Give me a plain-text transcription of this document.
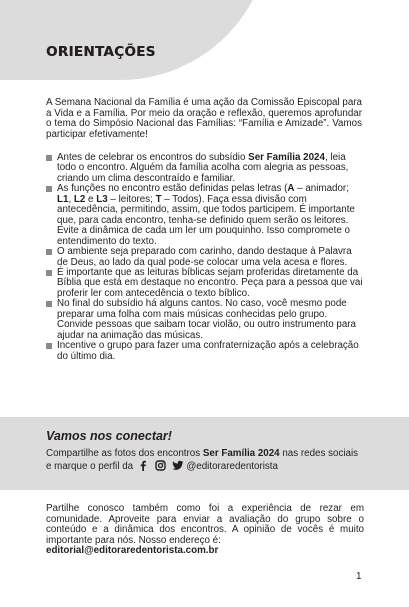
ORIENTAÇÕES

A Semana Nacional da Família é uma ação da Comissão Episcopal para a Vida e a Família. Por meio da oração e reflexão, queremos aprofundar o tema do Simpósio Nacional das Famílias: “Família e Amizade”. Vamos participar efetivamente!

Antes de celebrar os encontros do subsídio Ser Família 2024, leia todo o encontro. Alguém da família acolha com alegria as pessoas, criando um clima descontraído e familiar.
As funções no encontro estão definidas pelas letras (A – animador; L1, L2 e L3 – leitores; T – Todos). Faça essa divisão com antecedência, permitindo, assim, que todos participem. É importante que, para cada encontro, tenha-se definido quem serão os leitores. Evite a dinâmica de cada um ler um pouquinho. Isso compromete o entendimento do texto.
O ambiente seja preparado com carinho, dando destaque à Palavra de Deus, ao lado da qual pode-se colocar uma vela acesa e flores.
É importante que as leituras bíblicas sejam proferidas diretamente da Bíblia que está em destaque no encontro. Peça para a pessoa que vai proferir ler com antecedência o texto bíblico.
No final do subsídio há alguns cantos. No caso, você mesmo pode preparar uma folha com mais músicas conhecidas pelo grupo. Convide pessoas que saibam tocar violão, ou outro instrumento para ajudar na animação das músicas.
Incentive o grupo para fazer uma confraternização após a celebração do último dia.
Vamos nos conectar!

Compartilhe as fotos dos encontros Ser Família 2024 nas redes sociais e marque o perfil da	@editoraredentorista

Partilhe conosco também como foi a experiência de rezar em comunidade. Aproveite para enviar a avaliação do grupo sobre o conteúdo e a dinâmica dos encontros. A opinião de vocês é muito importante para nós. Nosso endereço é:
editorial@editoraredentorista.com.br

1
